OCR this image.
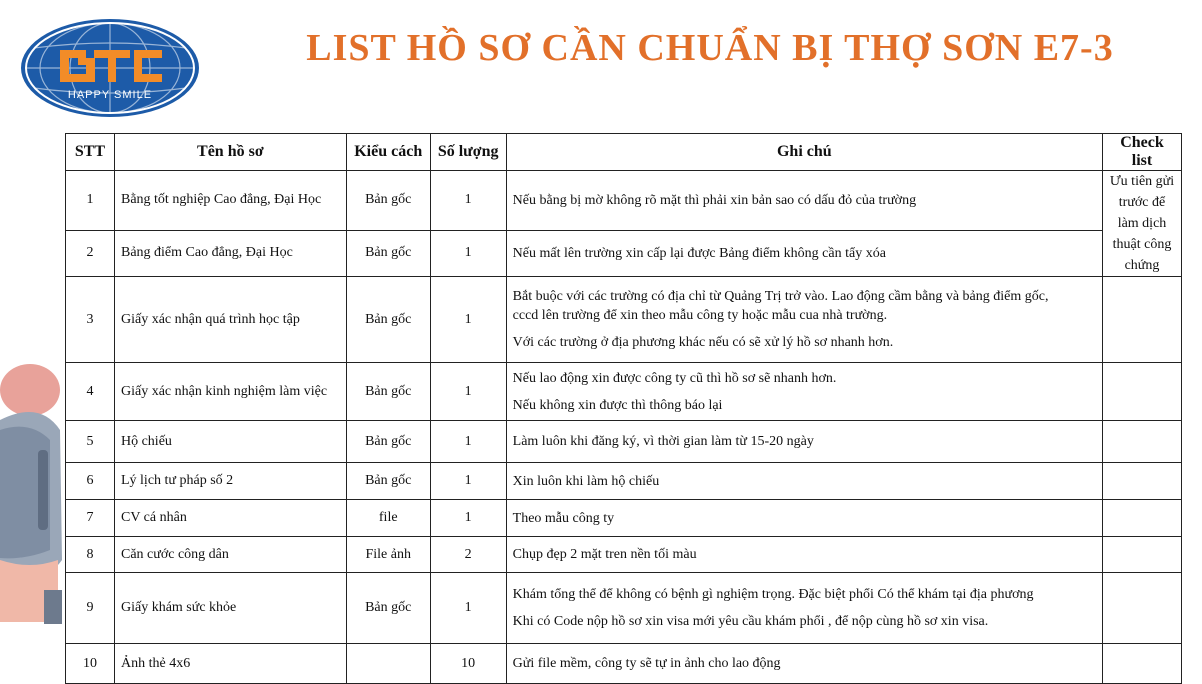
HAPPY SMILE
LIST HỒ SƠ CẦN CHUẨN BỊ THỢ SƠN E7-3
STT	Tên hồ sơ	Kiểu cách	Số lượng	Ghi chú	Check list
1	Bằng tốt nghiệp Cao đẳng, Đại Học	Bản gốc	1	Nếu bằng bị mờ không rõ mặt thì phải xin bản sao có dấu đỏ của trường	Ưu tiên gửi trước để làm dịch thuật công chứng
2	Bảng điểm Cao đẳng, Đại Học	Bản gốc	1	Nếu mất lên trường xin cấp lại được Bảng điểm không cần tẩy xóa	

3	Giấy xác nhận quá trình học tập	Bản gốc	1	Bắt buộc với các trường có địa chỉ từ Quảng Trị trở vào. Lao động cầm bằng và bảng điểm gốc,
cccd lên trường để xin theo mẫu công ty hoặc mẫu cua nhà trường.
Với các trường ở địa phương khác nếu có sẽ xử lý hồ sơ nhanh hơn.	

4	Giấy xác nhận kinh nghiệm làm việc	Bản gốc	1	Nếu lao động xin được công ty cũ thì hồ sơ sẽ nhanh hơn.
Nếu không xin được thì thông báo lại	

5	Hộ chiếu	Bản gốc	1	Làm luôn khi đăng ký, vì thời gian làm từ 15-20 ngày	

6	Lý lịch tư pháp số 2	Bản gốc	1	Xin luôn khi làm hộ chiếu	

7	CV cá nhân	file	1	Theo mẫu công ty	

8	Căn cước công dân	File ảnh	2	Chụp đẹp 2 mặt tren nền tối màu	

9	Giấy khám sức khỏe	Bản gốc	1	Khám tổng thể để không có bệnh gì nghiệm trọng. Đặc biệt phổi Có thể khám tại địa phương
Khi có Code nộp hồ sơ xin visa mới yêu cầu khám phổi , để nộp cùng hồ sơ xin visa.	

10	Ảnh thẻ 4x6		10	Gửi file mềm, công ty sẽ tự in ảnh cho lao động	
